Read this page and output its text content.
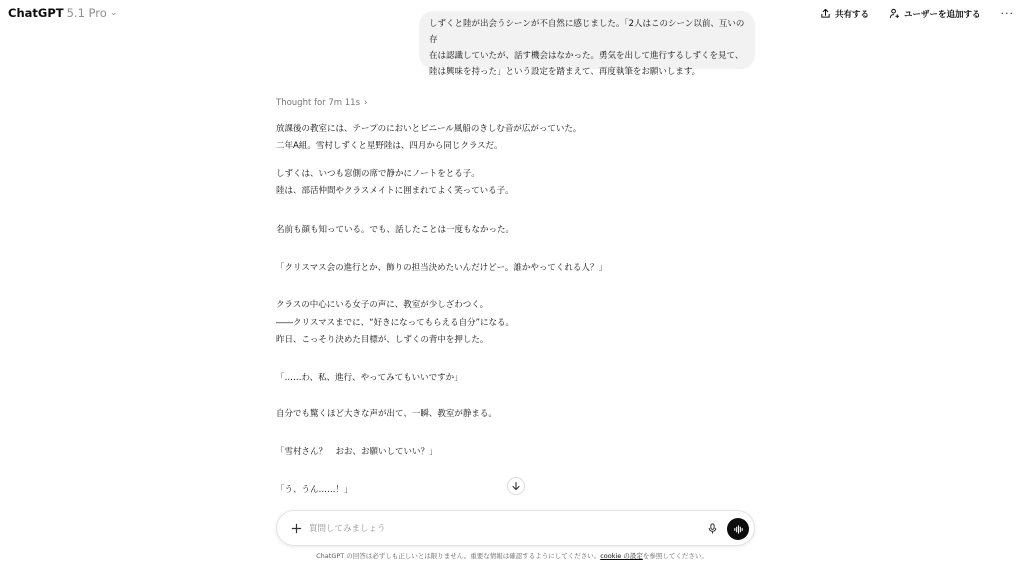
ChatGPT 5.1 Pro ⌄	共有する	ユーザーを追加する ···
しずくと陸が出会うシーンが不自然に感じました。「2人はこのシーン以前、互いの存
在は認識していたが、話す機会はなかった。勇気を出して進行するしずくを見て、
陸は興味を持った」という設定を踏まえて、再度執筆をお願いします。
Thought for 7m 11s ›

放課後の教室には、テープのにおいとビニール風船のきしむ音が広がっていた。

二年A組。雪村しずくと星野陸は、四月から同じクラスだ。

しずくは、いつも窓側の席で静かにノートをとる子。

陸は、部活仲間やクラスメイトに囲まれてよく笑っている子。

名前も顔も知っている。でも、話したことは一度もなかった。

「クリスマス会の進行とか、飾りの担当決めたいんだけどー。誰かやってくれる人？」

クラスの中心にいる女子の声に、教室が少しざわつく。

――クリスマスまでに、“好きになってもらえる自分”になる。

昨日、こっそり決めた目標が、しずくの背中を押した。

「……わ、私、進行、やってみてもいいですか」

自分でも驚くほど大きな声が出て、一瞬、教室が静まる。

「雪村さん？　おお、お願いしていい？」

「う、うん……！」

質問してみましょう
ChatGPT の回答は必ずしも正しいとは限りません。重要な情報は確認するようにしてください。cookie の設定を参照してください。
